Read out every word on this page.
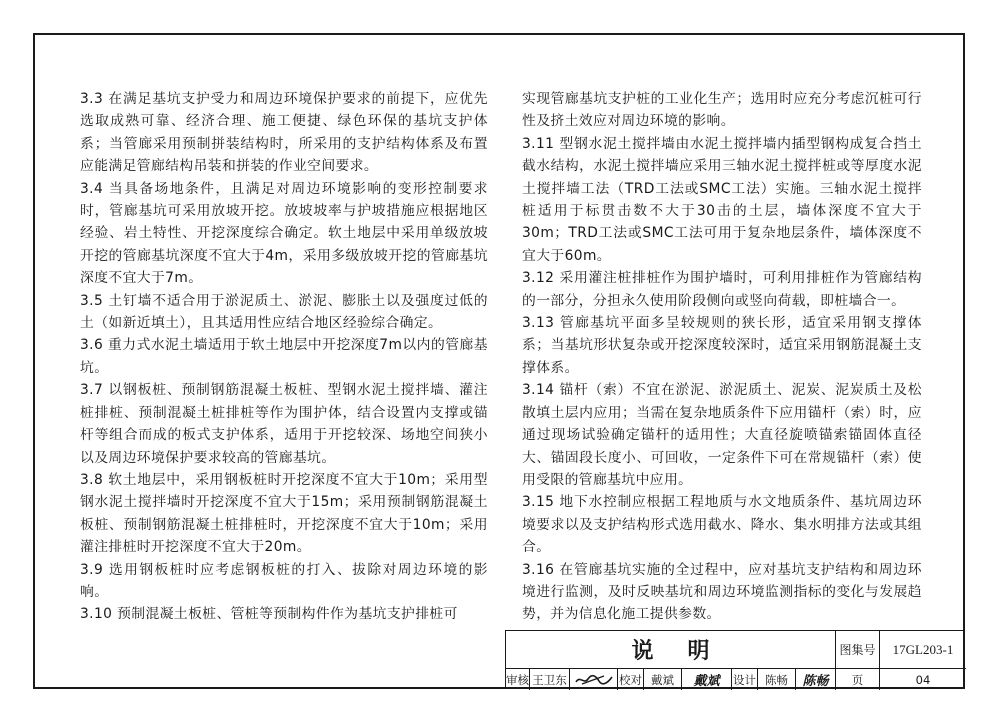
3.3 在满足基坑支护受力和周边环境保护要求的前提下，应优先选取成熟可靠、经济合理、施工便捷、绿色环保的基坑支护体系；当管廊采用预制拼装结构时，所采用的支护结构体系及布置应能满足管廊结构吊装和拼装的作业空间要求。

3.4 当具备场地条件，且满足对周边环境影响的变形控制要求时，管廊基坑可采用放坡开挖。放坡坡率与护坡措施应根据地区经验、岩土特性、开挖深度综合确定。软土地层中采用单级放坡开挖的管廊基坑深度不宜大于4m，采用多级放坡开挖的管廊基坑深度不宜大于7m。

3.5 土钉墙不适合用于淤泥质土、淤泥、膨胀土以及强度过低的土（如新近填土），且其适用性应结合地区经验综合确定。

3.6 重力式水泥土墙适用于软土地层中开挖深度7m以内的管廊基坑。

3.7 以钢板桩、预制钢筋混凝土板桩、型钢水泥土搅拌墙、灌注桩排桩、预制混凝土桩排桩等作为围护体，结合设置内支撑或锚杆等组合而成的板式支护体系，适用于开挖较深、场地空间狭小以及周边环境保护要求较高的管廊基坑。

3.8 软土地层中，采用钢板桩时开挖深度不宜大于10m；采用型钢水泥土搅拌墙时开挖深度不宜大于15m；采用预制钢筋混凝土板桩、预制钢筋混凝土桩排桩时，开挖深度不宜大于10m；采用灌注排桩时开挖深度不宜大于20m。

3.9 选用钢板桩时应考虑钢板桩的打入、拔除对周边环境的影响。

3.10 预制混凝土板桩、管桩等预制构件作为基坑支护排桩可

实现管廊基坑支护桩的工业化生产；选用时应充分考虑沉桩可行性及挤土效应对周边环境的影响。

3.11 型钢水泥土搅拌墙由水泥土搅拌墙内插型钢构成复合挡土截水结构，水泥土搅拌墙应采用三轴水泥土搅拌桩或等厚度水泥土搅拌墙工法（TRD工法或SMC工法）实施。三轴水泥土搅拌桩适用于标贯击数不大于30击的土层，墙体深度不宜大于30m；TRD工法或SMC工法可用于复杂地层条件，墙体深度不宜大于60m。

3.12 采用灌注桩排桩作为围护墙时，可利用排桩作为管廊结构的一部分，分担永久使用阶段侧向或竖向荷载，即桩墙合一。

3.13 管廊基坑平面多呈较规则的狭长形，适宜采用钢支撑体系；当基坑形状复杂或开挖深度较深时，适宜采用钢筋混凝土支撑体系。

3.14 锚杆（索）不宜在淤泥、淤泥质土、泥炭、泥炭质土及松散填土层内应用；当需在复杂地质条件下应用锚杆（索）时，应通过现场试验确定锚杆的适用性；大直径旋喷锚索锚固体直径大、锚固段长度小、可回收，一定条件下可在常规锚杆（索）使用受限的管廊基坑中应用。

3.15 地下水控制应根据工程地质与水文地质条件、基坑周边环境要求以及支护结构形式选用截水、降水、集水明排方法或其组合。

3.16 在管廊基坑实施的全过程中，应对基坑支护结构和周边环境进行监测，及时反映基坑和周边环境监测指标的变化与发展趋势，并为信息化施工提供参数。

说明	图集号	17GL203-1
审核 王卫东	校对 戴斌	戴斌	设计 陈畅	陈畅	页	04
